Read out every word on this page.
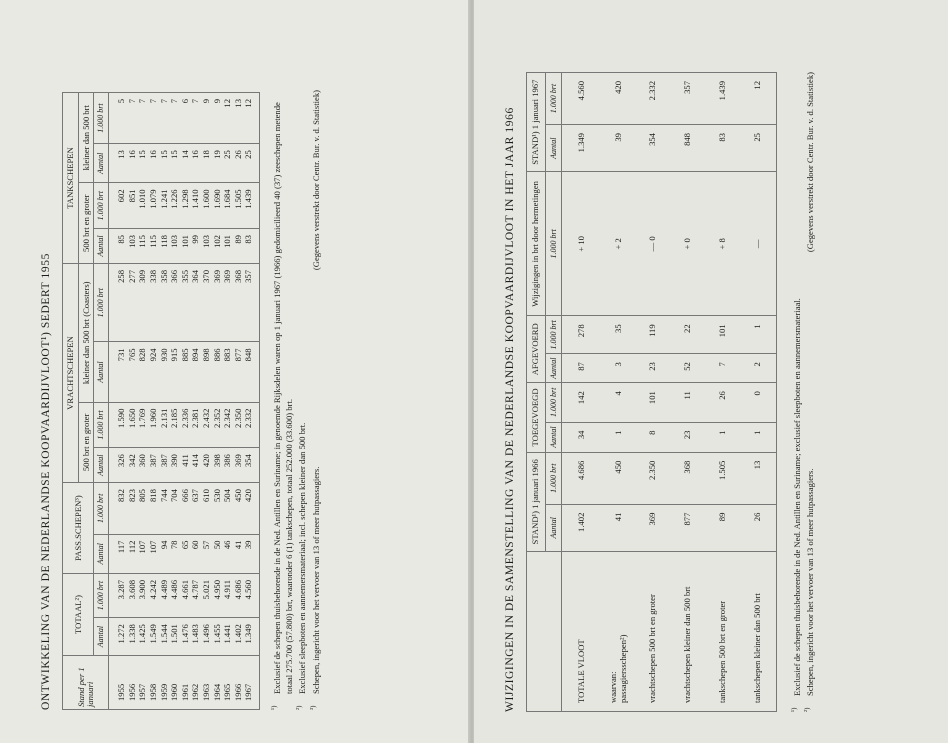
ONTWIKKELING VAN DE NEDERLANDSE KOOPVAARDIJVLOOT¹) SEDERT 1955	Stand per 1 januari	TOTAAL²)		PASS.SCHEPEN³)		VRACHTSCHEPEN				TANKSCHEPEN			
					500 brt en groter		kleiner dan 500 brt (Coasters)		500 brt en groter		kleiner dan 500 brt	
	Aantal	1.000 brt	Aantal	1.000 brt	Aantal	1.000 brt	Aantal	1.000 brt	Aantal	1.000 brt	Aantal	1.000 brt
1955	1.272	3.287	117	832	326	1.590	731	258	85	602	13	5
1956	1.338	3.608	112	823	342	1.650	765	277	103	851	16	7
1957	1.425	3.900	107	805	360	1.769	828	309	115	1.010	15	7
1958	1.549	4.242	107	818	387	1.960	924	338	115	1.079	16	7
1959	1.544	4.489	94	744	387	2.131	930	358	118	1.241	15	7
1960	1.501	4.486	78	704	390	2.185	915	366	103	1.226	15	7
1961	1.476	4.661	65	666	411	2.336	885	355	101	1.298	14	6
1962	1.483	4.787	60	637	414	2.381	894	364	99	1.410	16	7
1963	1.496	5.021	57	610	420	2.432	898	370	103	1.600	18	9
1964	1.455	4.950	50	530	398	2.352	886	369	102	1.690	19	9
1965	1.441	4.911	46	504	386	2.342	883	369	101	1.684	25	12
1966	1.402	4.686	41	450	369	2.350	877	368	89	1.505	26	13
1967	1.349	4.560	39	420	354	2.332	848	357	83	1.439	25	12

¹)
Exclusief de schepen thuisbehorende in de Ned. Antillen en Suriname; in genoemde Rijksdelen waren op 1 januari 1967 (1966) gedomicilieerd 40 (37) zeeschepen metende totaal 275.700 (57.800) brt, waaronder 6 (1) tankschepen, totaal 252.000 (33.600) brt.

²)
Exclusief sleepboten en aannemersmateriaal; incl. schepen kleiner dan 500 brt.

³)
Schepen, ingericht voor het vervoer van 13 of meer hutpassagiers.

(Gegevens verstrekt door Centr. Bur. v. d. Statistiek)	WIJZIGINGEN IN DE SAMENSTELLING VAN DE NEDERLANDSE KOOPVAARDIJVLOOT IN HET JAAR 1966
	STAND¹) 1 januari 1966		TOEGEVOEGD		AFGEVOERD		Wijzigingen in brt door hermetingen	STAND¹) 1 januari 1967	
	Aantal	1.000 brt	Aantal	1.000 brt	Aantal	1.000 brt	1.000 brt	Aantal	1.000 brt
TOTALE VLOOT	1.402	4.686	34	142	87	278	+ 10	1.349	4.560

waarvan: passagiersschepen²)	41	450	1	4	3	35	+ 2	39	420
vrachtschepen 500 brt en groter	369	2.350	8	101	23	119	— 0	354	2.332
vrachtschepen kleiner dan 500 brt	877	368	23	11	52	22	+ 0	848	357
tankschepen 500 brt en groter	89	1.505	1	26	7	101	+ 8	83	1.439
tankschepen kleiner dan 500 brt	26	13	1	0	2	1	—	25	12

¹)
Exclusief de schepen thuisbehorende in de Ned. Antillen en Suriname; exclusief sleepboten en aannemersmateriaal.

²)
Schepen, ingericht voor het vervoer van 13 of meer hutpassagiers.

(Gegevens verstrekt door Centr. Bur. v. d. Statistiek)
